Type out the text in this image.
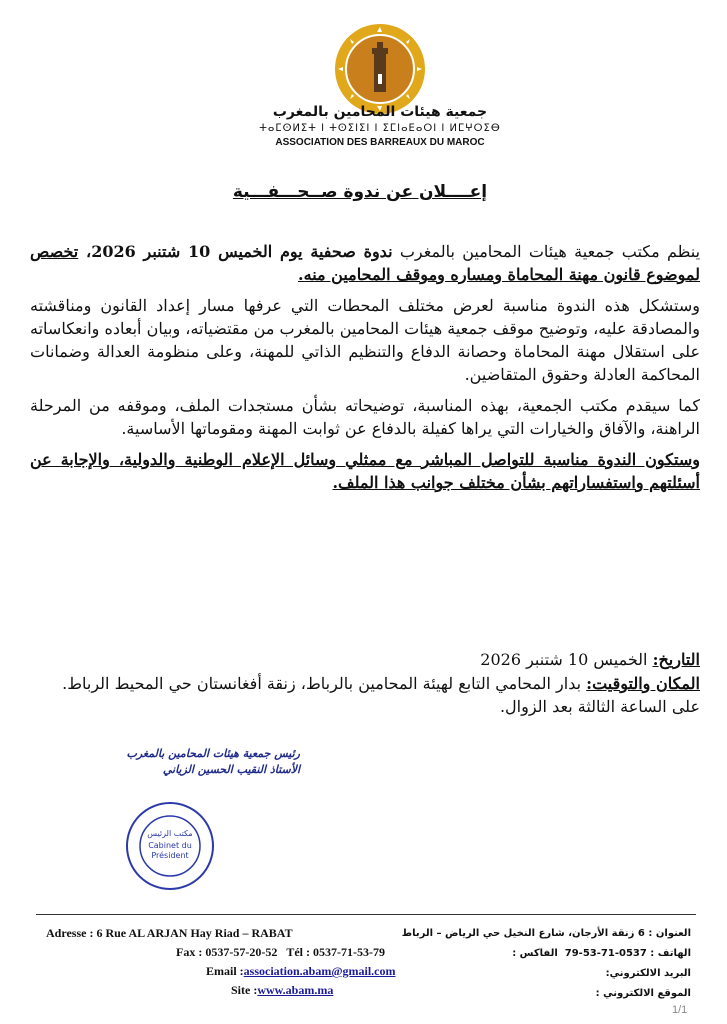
جمعية هيئات المحامين بالمغرب
ⵜⴰⵎⵙⵍⵉⵜ ⵏ ⵜⵙⵉⵏⵉⵏ ⵏ ⵉⵎⵏⴰⴹⴰⵔⵏ ⵏ ⵍⵎⵖⵔⵉⴱ
ASSOCIATION DES BARREAUX DU MAROC
إعــــلان عن ندوة صــحـــفـــية

ينظم مكتب جمعية هيئات المحامين بالمغرب ندوة صحفية يوم الخميس 10 شتنبر 2026، تخصص لموضوع قانون مهنة المحاماة ومساره وموقف المحامين منه.

وستشكل هذه الندوة مناسبة لعرض مختلف المحطات التي عرفها مسار إعداد القانون ومناقشته والمصادقة عليه، وتوضيح موقف جمعية هيئات المحامين بالمغرب من مقتضياته، وبيان أبعاده وانعكاساته على استقلال مهنة المحاماة وحصانة الدفاع والتنظيم الذاتي للمهنة، وعلى منظومة العدالة وضمانات المحاكمة العادلة وحقوق المتقاضين.

كما سيقدم مكتب الجمعية، بهذه المناسبة، توضيحاته بشأن مستجدات الملف، وموقفه من المرحلة الراهنة، والآفاق والخيارات التي يراها كفيلة بالدفاع عن ثوابت المهنة ومقوماتها الأساسية.

وستكون الندوة مناسبة للتواصل المباشر مع ممثلي وسائل الإعلام الوطنية والدولية، والإجابة عن أسئلتهم واستفساراتهم بشأن مختلف جوانب هذا الملف.

التاريخ: الخميس 10 شتنبر 2026

المكان والتوقيت: بدار المحامي التابع لهيئة المحامين بالرباط، زنقة أفغانستان حي المحيط الرباط. على الساعة الثالثة بعد الزوال.

رئيس جمعية هيئات المحامين بالمغرب
الأستاذ النقيب الحسين الزياني
مكتب الرئيس
Cabinet du
Président
العنوان : 6 زنقة الأرجان، شارع النخيل حي الرياض – الرباط
الهاتف : 0537-71-53-79  الفاكس :
البريد الالكتروني:
الموقع الالكتروني :
Adresse : 6 Rue AL ARJAN Hay Riad – RABAT
Fax : 0537-57-20-52 Tél : 0537-71-53-79
Email :association.abam@gmail.com
Site :www.abam.ma
1/1
